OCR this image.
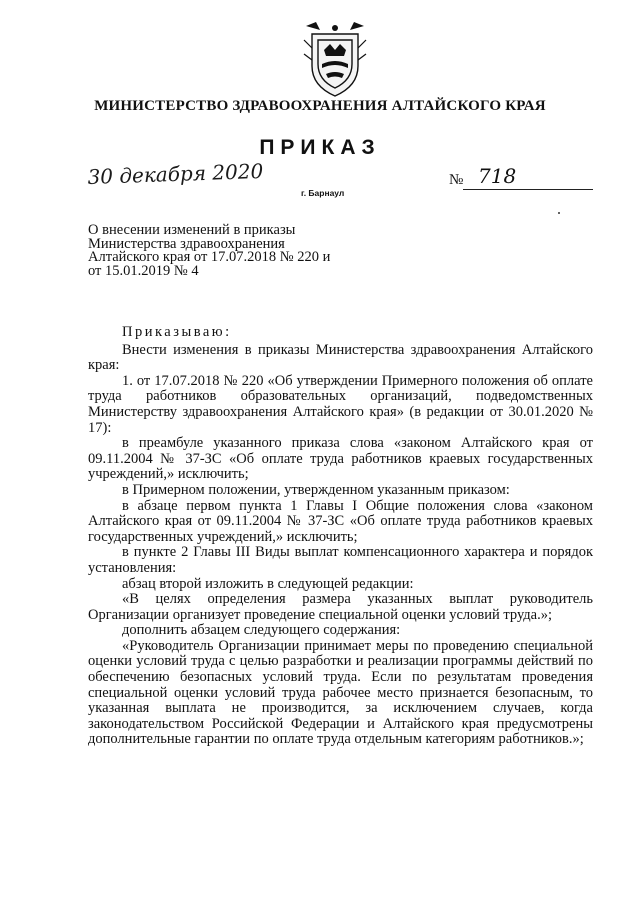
МИНИСТЕРСТВО ЗДРАВООХРАНЕНИЯ АЛТАЙСКОГО КРАЯ
ПРИКАЗ
30 декабря 2020
г. Барнаул
№ 718
О внесении изменений в приказы Министерства здравоохранения Алтайского края от 17.07.2018 № 220 и от 15.01.2019 № 4

Приказываю:

Внести изменения в приказы Министерства здравоохранения Алтайского края:

1. от 17.07.2018 № 220 «Об утверждении Примерного положения об оплате труда работников образовательных организаций, подведомственных Министерству здравоохранения Алтайского края» (в редакции от 30.01.2020 № 17):

в преамбуле указанного приказа слова «законом Алтайского края от 09.11.2004 № 37-ЗС «Об оплате труда работников краевых государственных учреждений,» исключить;

в Примерном положении, утвержденном указанным приказом:

в абзаце первом пункта 1 Главы I Общие положения слова «законом Алтайского края от 09.11.2004 № 37-ЗС «Об оплате труда работников краевых государственных учреждений,» исключить;

в пункте 2 Главы III Виды выплат компенсационного характера и порядок установления:

абзац второй изложить в следующей редакции:

«В целях определения размера указанных выплат руководитель Организации организует проведение специальной оценки условий труда.»;

дополнить абзацем следующего содержания:

«Руководитель Организации принимает меры по проведению специальной оценки условий труда с целью разработки и реализации программы действий по обеспечению безопасных условий труда. Если по результатам проведения специальной оценки условий труда рабочее место признается безопасным, то указанная выплата не производится, за исключением случаев, когда законодательством Российской Федерации и Алтайского края предусмотрены дополнительные гарантии по оплате труда отдельным категориям работников.»;
